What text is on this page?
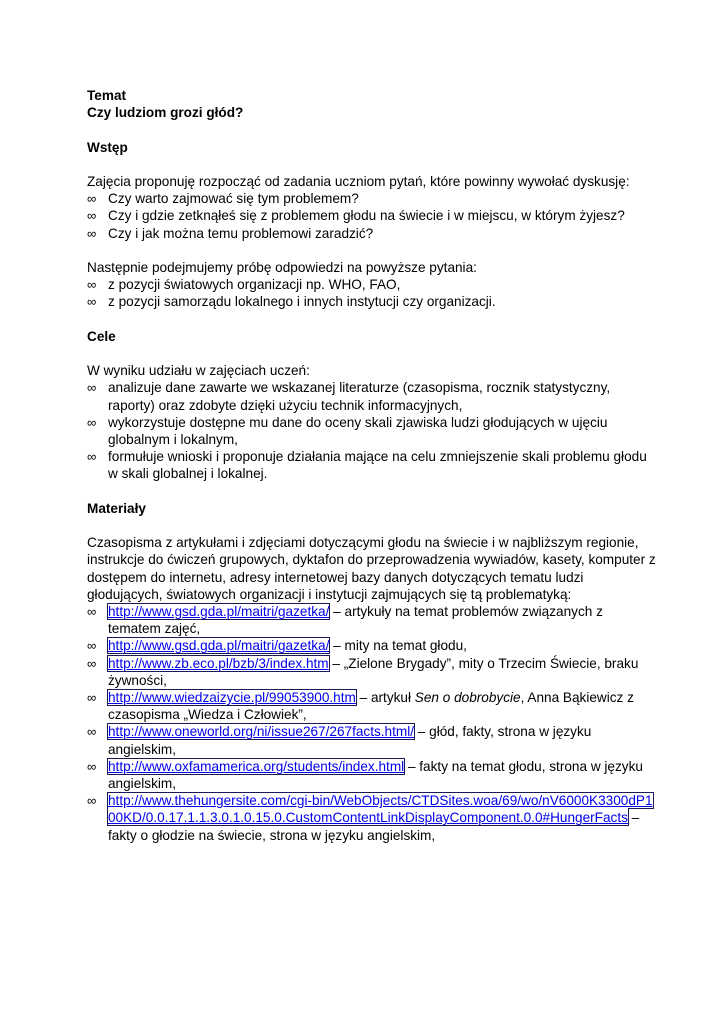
Temat
Czy ludziom grozi głód?
Wstęp
Zajęcia proponuję rozpocząć od zadania uczniom pytań, które powinny wywołać dyskusję:
∞ Czy warto zajmować się tym problemem?
∞ Czy i gdzie zetknąłeś się z problemem głodu na świecie i w miejscu, w którym żyjesz?
∞ Czy i jak można temu problemowi zaradzić?
Następnie podejmujemy próbę odpowiedzi na powyższe pytania:
∞ z pozycji światowych organizacji np. WHO, FAO,
∞ z pozycji samorządu lokalnego i innych instytucji czy organizacji.
Cele
W wyniku udziału w zajęciach uczeń:
∞ analizuje dane zawarte we wskazanej literaturze (czasopisma, rocznik statystyczny, raporty) oraz zdobyte dzięki użyciu technik informacyjnych,
∞ wykorzystuje dostępne mu dane do oceny skali zjawiska ludzi głodujących w ujęciu globalnym i lokalnym,
∞ formułuje wnioski i proponuje działania mające na celu zmniejszenie skali problemu głodu w skali globalnej i lokalnej.
Materiały
Czasopisma z artykułami i zdjęciami dotyczącymi głodu na świecie i w najbliższym regionie, instrukcje do ćwiczeń grupowych, dyktafon do przeprowadzenia wywiadów, kasety, komputer z dostępem do internetu, adresy internetowej bazy danych dotyczących tematu ludzi głodujących, światowych organizacji i instytucji zajmujących się tą problematyką:
∞ http://www.gsd.gda.pl/maitri/gazetka/ – artykuły na temat problemów związanych z tematem zajęć,
∞ http://www.gsd.gda.pl/maitri/gazetka/ – mity na temat głodu,
∞ http://www.zb.eco.pl/bzb/3/index.htm – „Zielone Brygady”, mity o Trzecim Świecie, braku żywności,
∞ http://www.wiedzaizycie.pl/99053900.htm – artykuł Sen o dobrobycie, Anna Bąkiewicz z czasopisma „Wiedza i Człowiek”,
∞ http://www.oneworld.org/ni/issue267/267facts.html/ – głód, fakty, strona w języku angielskim,
∞ http://www.oxfamamerica.org/students/index.html – fakty na temat głodu, strona w języku angielskim,
∞ http://www.thehungersite.com/cgi-bin/WebObjects/CTDSites.woa/69/wo/nV6000K3300dP100KD/0.0.17.1.1.3.0.1.0.15.0.CustomContentLinkDisplayComponent.0.0#HungerFacts – fakty o głodzie na świecie, strona w języku angielskim,
